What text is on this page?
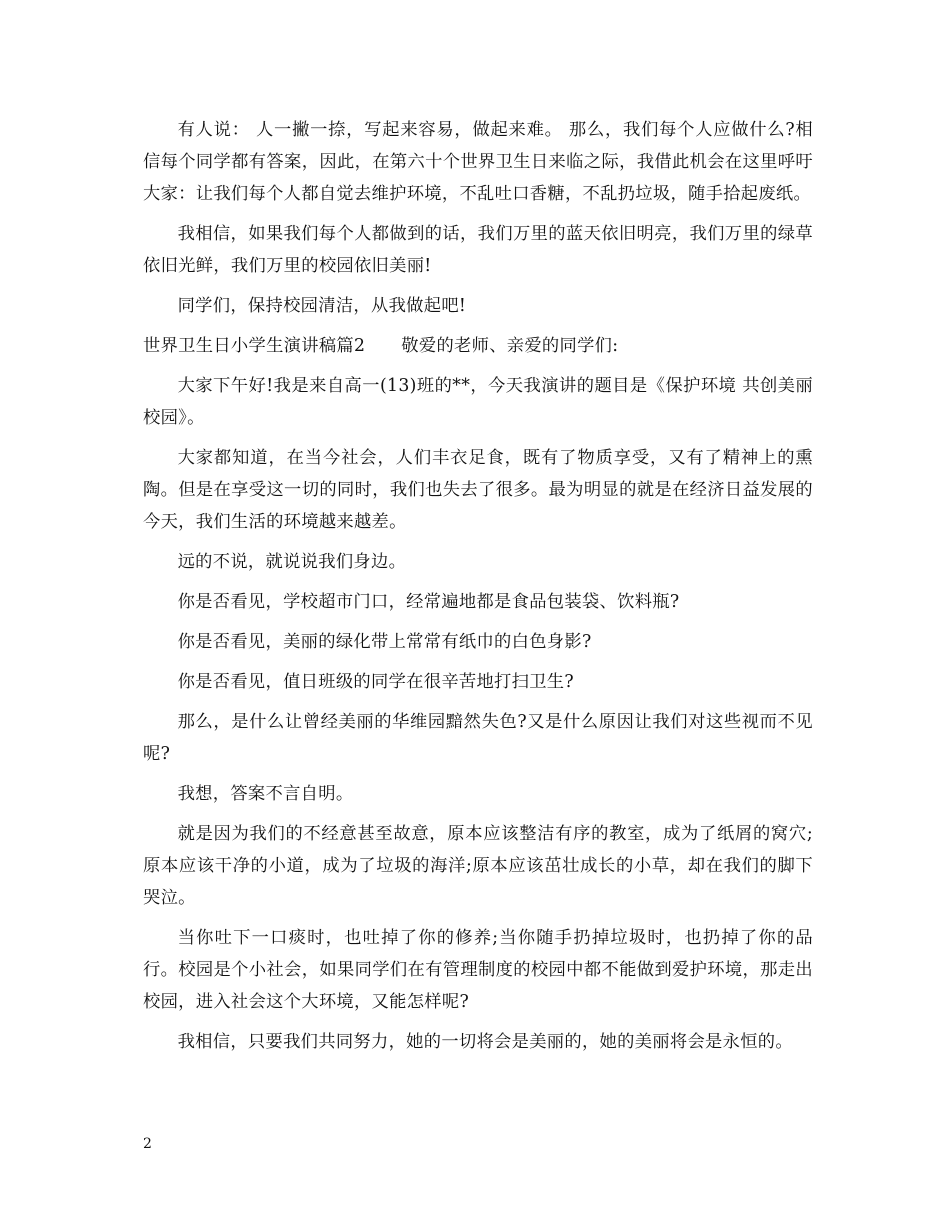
有人说： 人一撇一捺，写起来容易，做起来难。 那么，我们每个人应做什么?相信每个同学都有答案，因此，在第六十个世界卫生日来临之际，我借此机会在这里呼吁大家：让我们每个人都自觉去维护环境，不乱吐口香糖，不乱扔垃圾，随手拾起废纸。

我相信，如果我们每个人都做到的话，我们万里的蓝天依旧明亮，我们万里的绿草依旧光鲜，我们万里的校园依旧美丽!

同学们，保持校园清洁，从我做起吧!

世界卫生日小学生演讲稿篇2 敬爱的老师、亲爱的同学们:

大家下午好!我是来自高一(13)班的**，今天我演讲的题目是《保护环境 共创美丽校园》。

大家都知道，在当今社会，人们丰衣足食，既有了物质享受，又有了精神上的熏陶。但是在享受这一切的同时，我们也失去了很多。最为明显的就是在经济日益发展的今天，我们生活的环境越来越差。

远的不说，就说说我们身边。

你是否看见，学校超市门口，经常遍地都是食品包装袋、饮料瓶?

你是否看见，美丽的绿化带上常常有纸巾的白色身影?

你是否看见，值日班级的同学在很辛苦地打扫卫生?

那么，是什么让曾经美丽的华维园黯然失色?又是什么原因让我们对这些视而不见呢?

我想，答案不言自明。

就是因为我们的不经意甚至故意，原本应该整洁有序的教室，成为了纸屑的窝穴;原本应该干净的小道，成为了垃圾的海洋;原本应该茁壮成长的小草，却在我们的脚下哭泣。

当你吐下一口痰时，也吐掉了你的修养;当你随手扔掉垃圾时，也扔掉了你的品行。校园是个小社会，如果同学们在有管理制度的校园中都不能做到爱护环境，那走出校园，进入社会这个大环境，又能怎样呢?

我相信，只要我们共同努力，她的一切将会是美丽的，她的美丽将会是永恒的。

2
